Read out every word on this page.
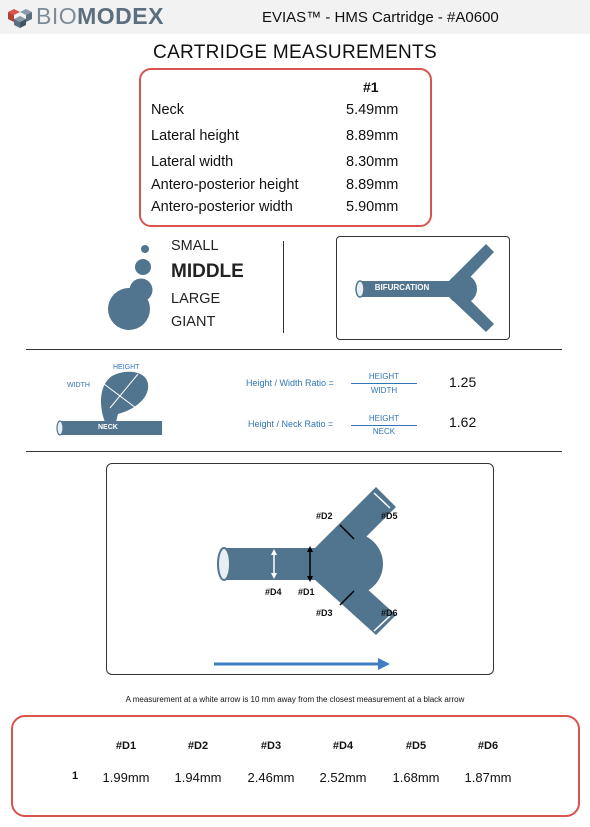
BIOMODEX	EVIAS™ - HMS Cartridge - #A0600
CARTRIDGE MEASUREMENTS
#1
Neck	5.49mm
Lateral height	8.89mm
Lateral width	8.30mm
Antero-posterior height	8.89mm
Antero-posterior width	5.90mm
SMALL
MIDDLE
LARGE
GIANT
BIFURCATION
HEIGHT
WIDTH
NECK
Height / Width Ratio =
HEIGHT
WIDTH
1.25
Height / Neck Ratio =
HEIGHT
NECK
1.62
#D2	#D5
#D4 #D1
#D3	#D6
A measurement at a white arrow is 10 mm away from the closest measurement at a black arrow
#D1	#D2	#D3	#D4	#D5	#D6
1	1.99mm	1.94mm	2.46mm	2.52mm	1.68mm	1.87mm
